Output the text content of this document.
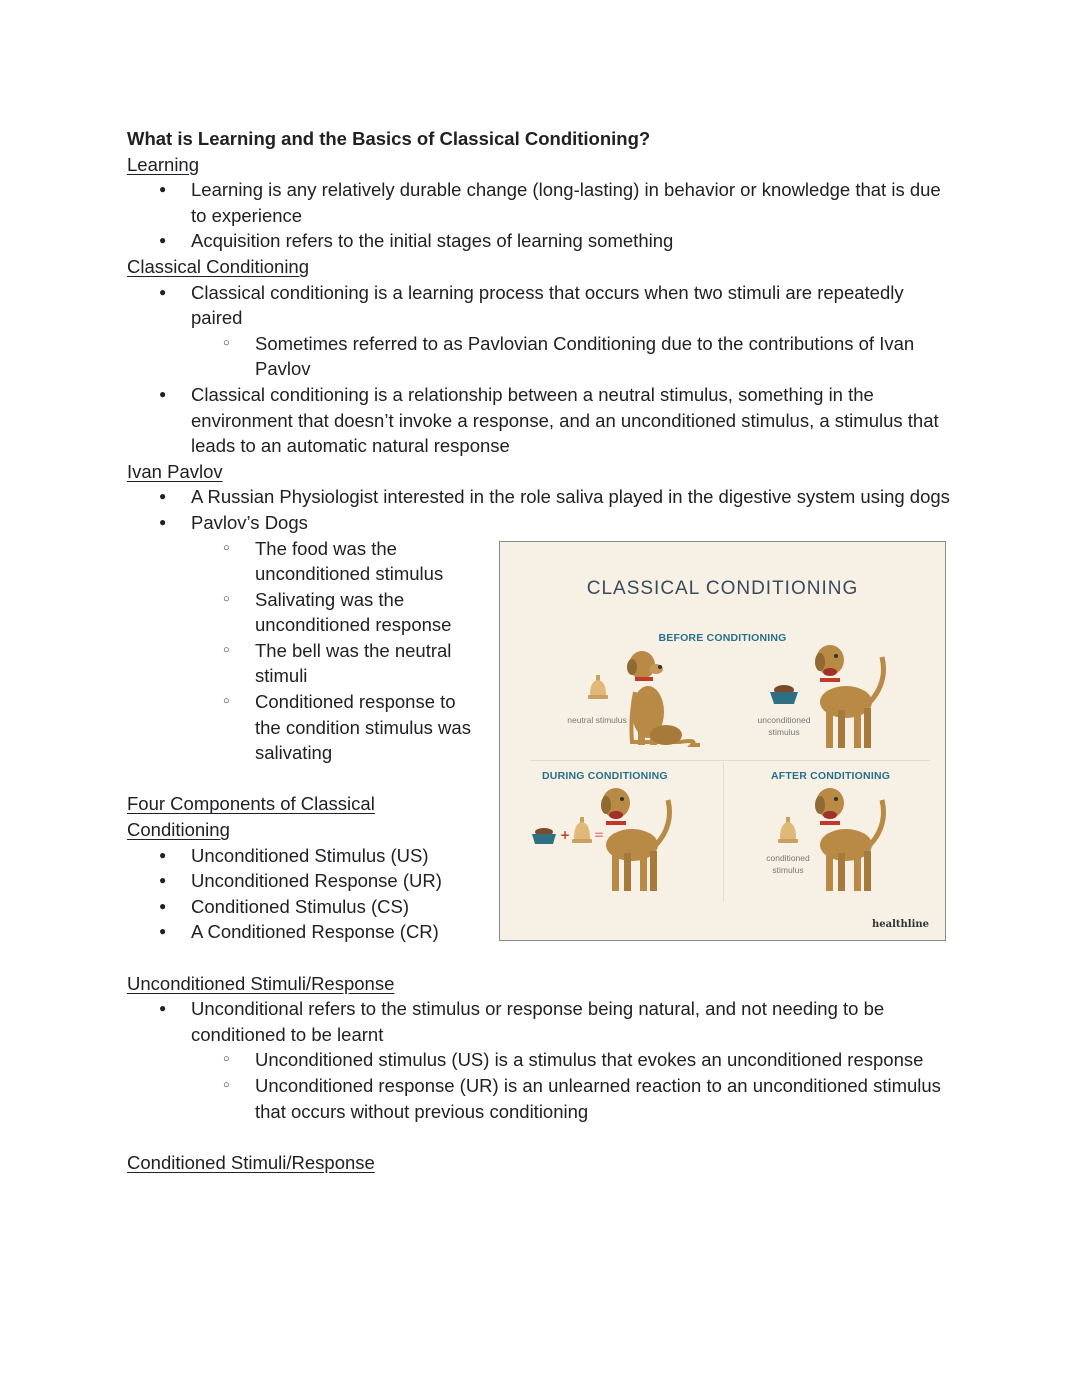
What is Learning and the Basics of Classical Conditioning?
Learning
● Learning is any relatively durable change (long-lasting) in behavior or knowledge that is due to experience
● Acquisition refers to the initial stages of learning something
Classical Conditioning
● Classical conditioning is a learning process that occurs when two stimuli are repeatedly paired
○ Sometimes referred to as Pavlovian Conditioning due to the contributions of Ivan Pavlov
● Classical conditioning is a relationship between a neutral stimulus, something in the environment that doesn’t invoke a response, and an unconditioned stimulus, a stimulus that leads to an automatic natural response
Ivan Pavlov
● A Russian Physiologist interested in the role saliva played in the digestive system using dogs
● Pavlov’s Dogs
○ The food was the unconditioned stimulus
○ Salivating was the unconditioned response
○ The bell was the neutral stimuli
○ Conditioned response to the condition stimulus was salivating
Four Components of Classical Conditioning
● Unconditioned Stimulus (US)
● Unconditioned Response (UR)
● Conditioned Stimulus (CS)
● A Conditioned Response (CR)
Unconditioned Stimuli/Response
● Unconditional refers to the stimulus or response being natural, and not needing to be conditioned to be learnt
○ Unconditioned stimulus (US) is a stimulus that evokes an unconditioned response
○ Unconditioned response (UR) is an unlearned reaction to an unconditioned stimulus that occurs without previous conditioning
Conditioned Stimuli/Response
CLASSICAL CONDITIONING
BEFORE CONDITIONING
neutral stimulus	unconditioned stimulus
DURING CONDITIONING	AFTER CONDITIONING
+ =
conditioned stimulus
healthline
